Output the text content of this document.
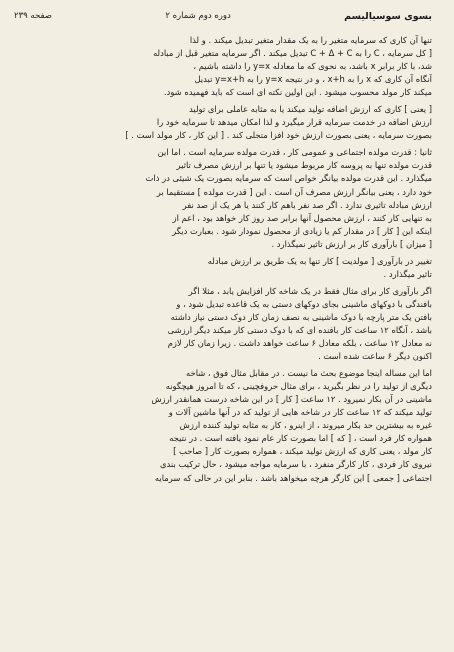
بسوی سوسیالیسم
دوره دوم شماره ۲
صفحه ۲۳۹

تنها آن کاری که سرمایه متغیر را به یک مقدار متغیر تبدیل میکند . و لذا
[ کل سرمایه ، C را به C + Δ + C تبدیل میکند . اگر سرمایه متغیر قبل از مبادله
شد، با کار برابر x باشد، به نحوی که ما معادله y=x را داشته باشیم ،
آنگاه آن کاری که x را به x+h ، و در نتیجه y=x را به y=x+h تبدیل
میکند کار مولد محسوب میشود . این اولین نکته ای است که باید فهمیده شود.

[ یعنی ] کاری که ارزش اضافه تولید میکند یا به مثابه عاملی برای تولید
ارزش اضافه در خدمت سرمایه قرار میگیرد و لذا امکان میدهد تا سرمایه خود را
بصورت سرمایه ، یعنی بصورت ارزش خود افزا متجلی کند . [ این کار ، کار مولد است . ]

ثانیا : قدرت مولده اجتماعی و عمومی کار ، قدرت مولده سرمایه است . اما این
قدرت مولده تنها به پروسه کار مربوط میشود یا تنها بر ارزش مصرف تاثیر
میگذارد . این قدرت مولده بیانگر خواص است که سرمایه بصورت یک شیئی در ذات
خود دارد ، یعنی بیانگر ارزش مصرف آن است . این [ قدرت مولده ] مستقیما بر
ارزش مبادله تاثیری ندارد . اگر صد نفر باهم کار کنند یا هر یک از صد نفر
به تنهایی کار کنند ، ارزش محصول آنها برابر صد روز کار خواهد بود ، اعم از
اینکه این [ کار ] در مقدار کم یا زیادی از محصول نمودار شود . بعبارت دیگر
[ میزان ] بارآوری کار بر ارزش تاثیر نمیگذارد .

تغییر در بارآوری [ مولدیت ] کار تنها به یک طریق بر ارزش مبادله
تاثیر میگذارد .

اگر بارآوری کار برای مثال فقط در یک شاخه کار افزایش یابد ، مثلا اگر
بافندگی با دوکهای ماشینی بجای دوکهای دستی به یک قاعده تبدیل شود ، و
بافتن یک متر پارچه با دوک ماشینی به نصف زمان کار دوک دستی نیاز داشته
باشد ، آنگاه ۱۲ ساعت کار بافنده ای که با دوک دستی کار میکند دیگر ارزشی
نه معادل ۱۲ ساعت ، بلکه معادل ۶ ساعت خواهد داشت . زیرا زمان کار لازم
اکنون دیگر ۶ ساعت شده است .

اما این مساله اینجا موضوع بحث ما نیست . در مقابل مثال فوق ، شاخه
دیگری از تولید را در نظر بگیرید ، برای مثال حروفچینی ، که تا امروز هیچگونه
ماشینی در آن بکار نمیرود . ۱۲ ساعت [ کار ] در این شاخه درست همانقدر ارزش
تولید میکند که ۱۲ ساعت کار در شاخه هایی از تولید که در آنها ماشین آلات و
غیره به بیشترین حد بکار میروند ، از اینرو ، کار به مثابه تولید کننده ارزش
همواره کار فرد است ، [ که ] اما بصورت کار عام نمود یافته است . در نتیجه
کار مولد ، یعنی کاری که ارزش تولید میکند ، همواره بصورت کار [ صاحب ]
نیروی کار فردی ، کار کارگر منفرد ، با سرمایه مواجه میشود ، حال ترکیب بندی
اجتماعی [ جمعی ] این کارگر هرچه میخواهد باشد . بنابر این در حالی که سرمایه
